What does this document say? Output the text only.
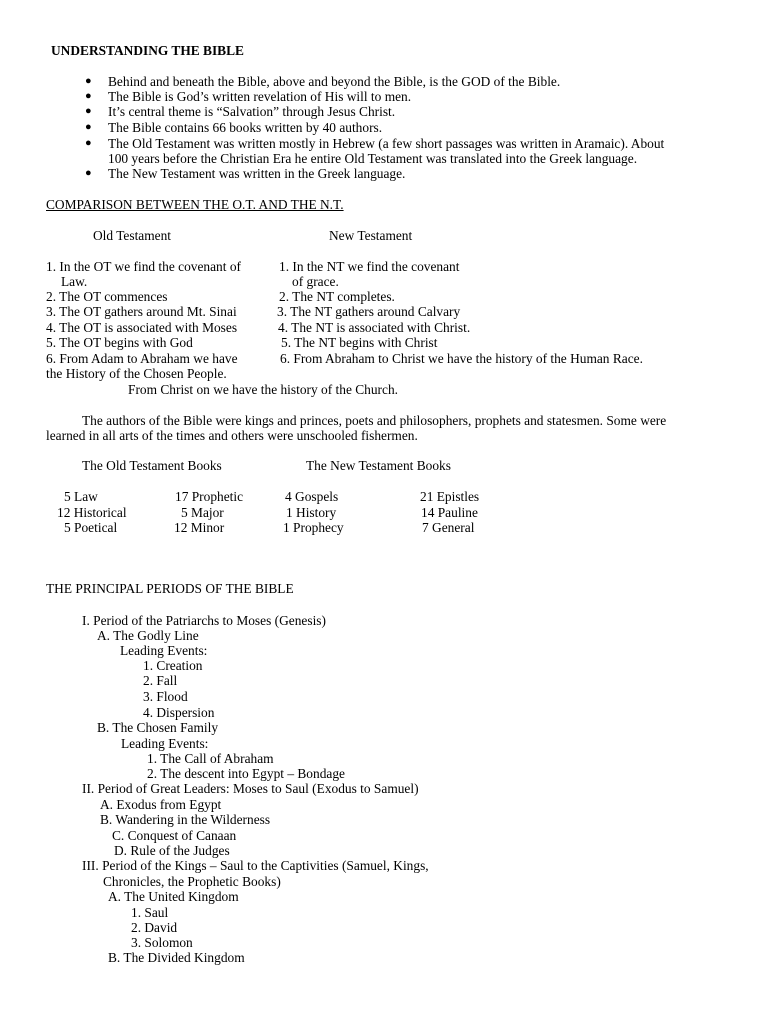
UNDERSTANDING THE BIBLE
● Behind and beneath the Bible, above and beyond the Bible, is the GOD of the Bible.
● The Bible is God’s written revelation of His will to men.
● It’s central theme is “Salvation” through Jesus Christ.
● The Bible contains 66 books written by 40 authors.
● The Old Testament was written mostly in Hebrew (a few short passages was written in Aramaic). About
100 years before the Christian Era he entire Old Testament was translated into the Greek language.
● The New Testament was written in the Greek language.
COMPARISON BETWEEN THE O.T. AND THE N.T.
Old Testament	New Testament
1. In the OT we find the covenant of
Law.
2. The OT commences
3. The OT gathers around Mt. Sinai
4. The OT is associated with Moses
5. The OT begins with God
6. From Adam to Abraham we have
the History of the Chosen People.
1. In the NT we find the covenant
of grace.
2. The NT completes.
3. The NT gathers around Calvary
4. The NT is associated with Christ.
5. The NT begins with Christ
6. From Abraham to Christ we have the history of the Human Race.
From Christ on we have the history of the Church.
The authors of the Bible were kings and princes, poets and philosophers, prophets and statesmen. Some were
learned in all arts of the times and others were unschooled fishermen.
The Old Testament Books	The New Testament Books
5 Law
12 Historical
5 Poetical
17 Prophetic
5 Major
12 Minor
4 Gospels
1 History
1 Prophecy
21 Epistles
14 Pauline
7 General
THE PRINCIPAL PERIODS OF THE BIBLE
I. Period of the Patriarchs to Moses (Genesis)
A. The Godly Line
Leading Events:
1. Creation
2. Fall
3. Flood
4. Dispersion
B. The Chosen Family
Leading Events:
1. The Call of Abraham
2. The descent into Egypt – Bondage
II. Period of Great Leaders: Moses to Saul (Exodus to Samuel)
A. Exodus from Egypt
B. Wandering in the Wilderness
C. Conquest of Canaan
D. Rule of the Judges
III. Period of the Kings – Saul to the Captivities (Samuel, Kings,
Chronicles, the Prophetic Books)
A. The United Kingdom
1. Saul
2. David
3. Solomon
B. The Divided Kingdom
